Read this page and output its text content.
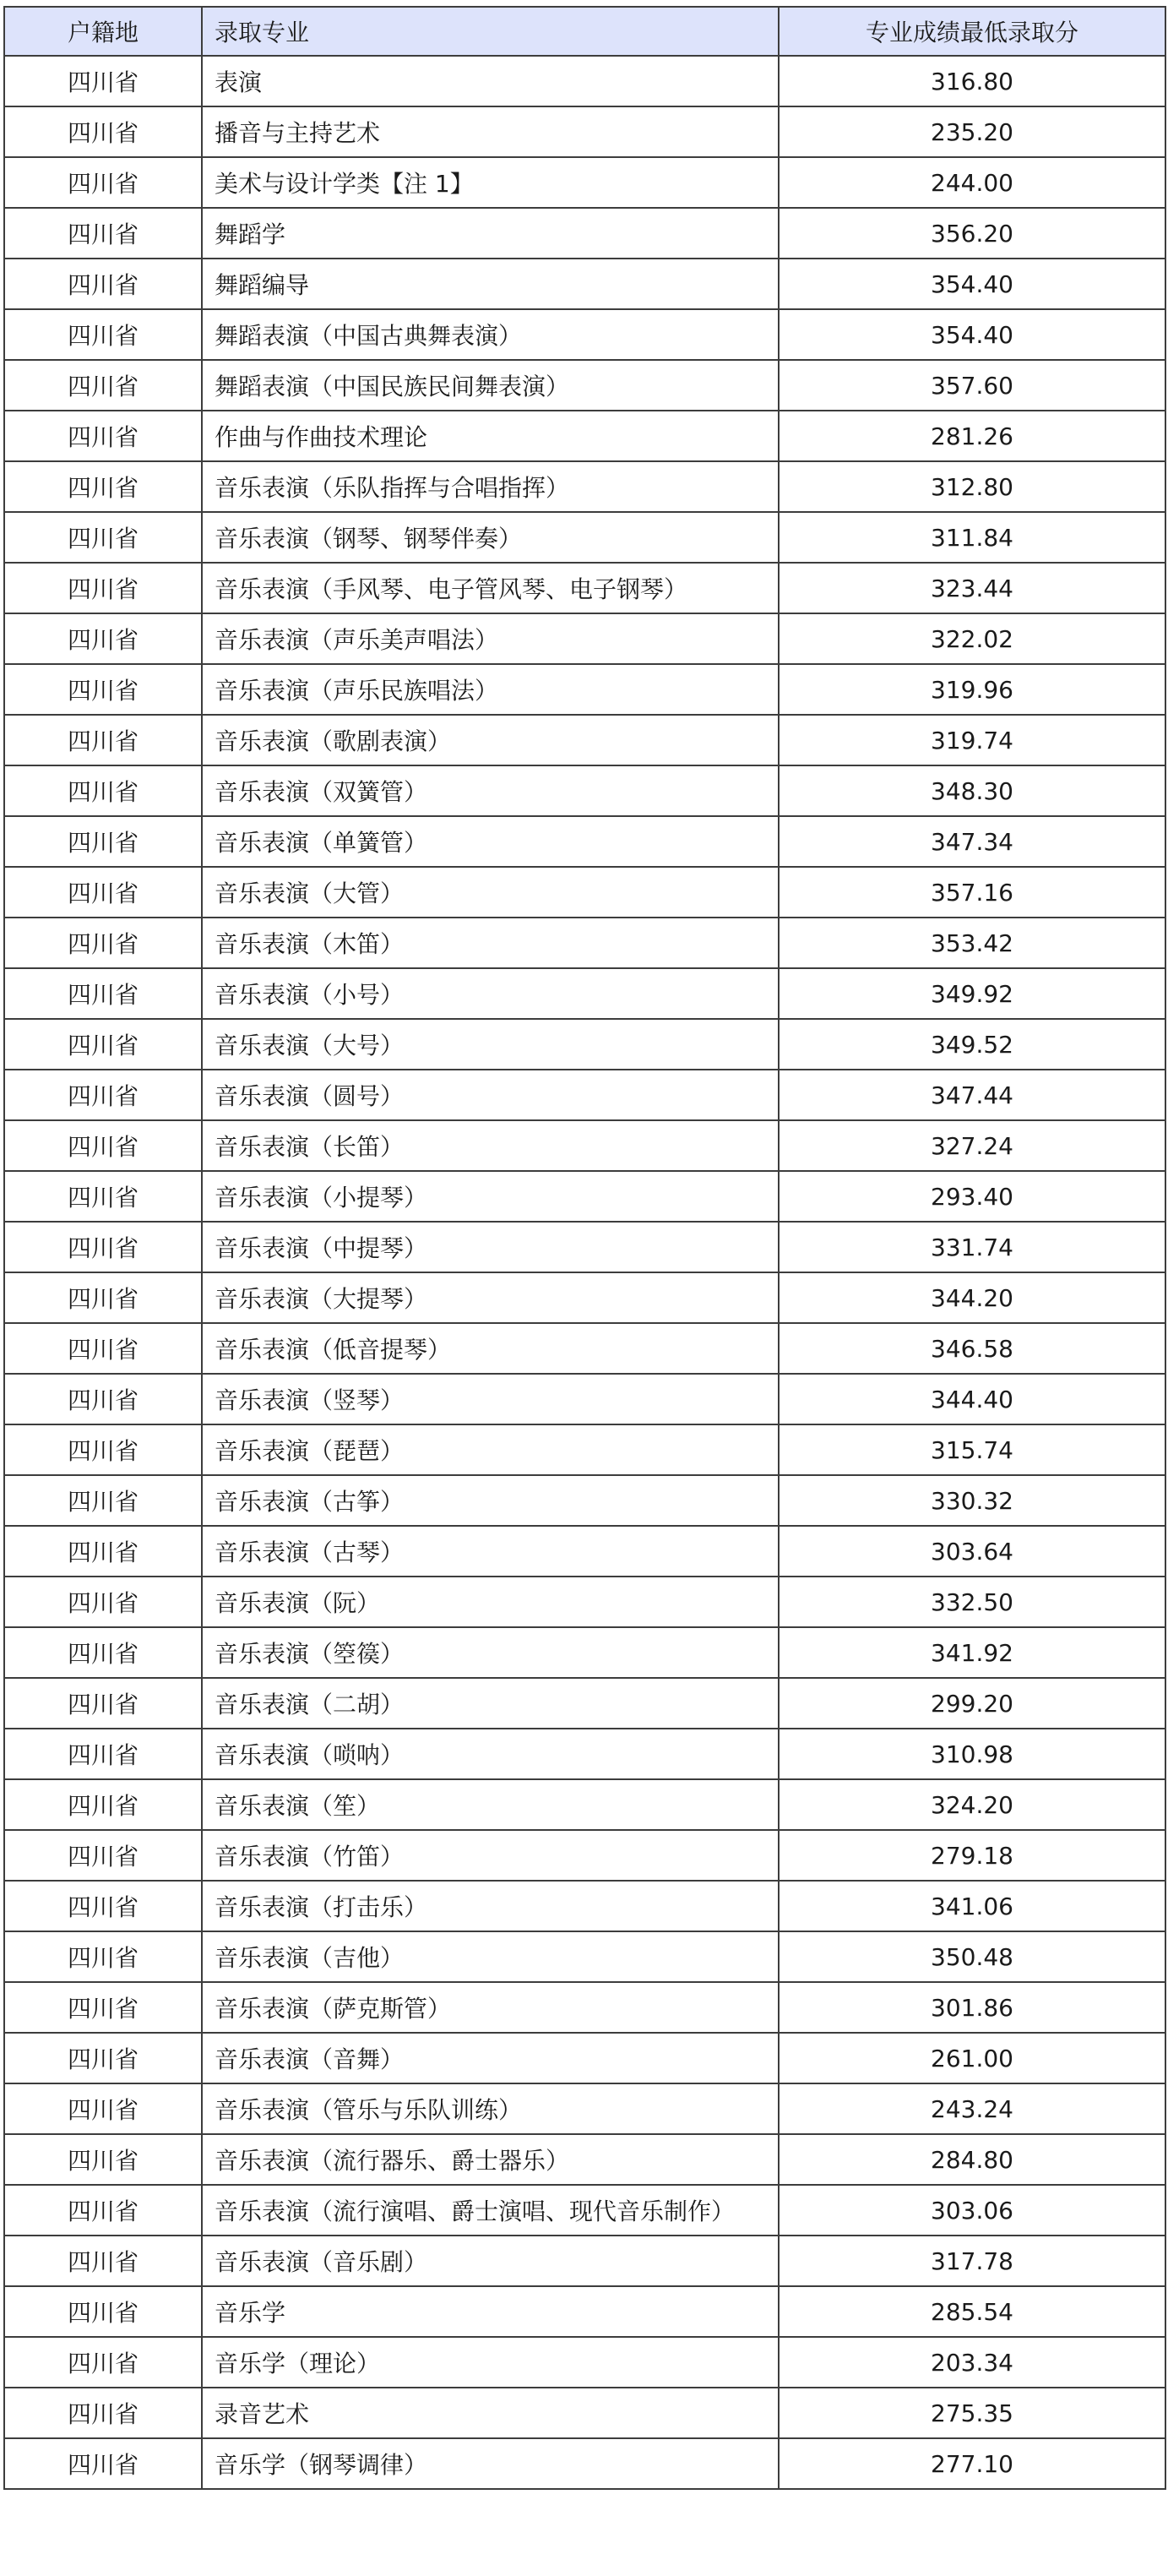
户籍地	录取专业	专业成绩最低录取分
四川省	表演	316.80
四川省	播音与主持艺术	235.20
四川省	美术与设计学类【注 1】	244.00
四川省	舞蹈学	356.20
四川省	舞蹈编导	354.40
四川省	舞蹈表演（中国古典舞表演）	354.40
四川省	舞蹈表演（中国民族民间舞表演）	357.60
四川省	作曲与作曲技术理论	281.26
四川省	音乐表演（乐队指挥与合唱指挥）	312.80
四川省	音乐表演（钢琴、钢琴伴奏）	311.84
四川省	音乐表演（手风琴、电子管风琴、电子钢琴）	323.44
四川省	音乐表演（声乐美声唱法）	322.02
四川省	音乐表演（声乐民族唱法）	319.96
四川省	音乐表演（歌剧表演）	319.74
四川省	音乐表演（双簧管）	348.30
四川省	音乐表演（单簧管）	347.34
四川省	音乐表演（大管）	357.16
四川省	音乐表演（木笛）	353.42
四川省	音乐表演（小号）	349.92
四川省	音乐表演（大号）	349.52
四川省	音乐表演（圆号）	347.44
四川省	音乐表演（长笛）	327.24
四川省	音乐表演（小提琴）	293.40
四川省	音乐表演（中提琴）	331.74
四川省	音乐表演（大提琴）	344.20
四川省	音乐表演（低音提琴）	346.58
四川省	音乐表演（竖琴）	344.40
四川省	音乐表演（琵琶）	315.74
四川省	音乐表演（古筝）	330.32
四川省	音乐表演（古琴）	303.64
四川省	音乐表演（阮）	332.50
四川省	音乐表演（箜篌）	341.92
四川省	音乐表演（二胡）	299.20
四川省	音乐表演（唢呐）	310.98
四川省	音乐表演（笙）	324.20
四川省	音乐表演（竹笛）	279.18
四川省	音乐表演（打击乐）	341.06
四川省	音乐表演（吉他）	350.48
四川省	音乐表演（萨克斯管）	301.86
四川省	音乐表演（音舞）	261.00
四川省	音乐表演（管乐与乐队训练）	243.24
四川省	音乐表演（流行器乐、爵士器乐）	284.80
四川省	音乐表演（流行演唱、爵士演唱、现代音乐制作）	303.06
四川省	音乐表演（音乐剧）	317.78
四川省	音乐学	285.54
四川省	音乐学（理论）	203.34
四川省	录音艺术	275.35
四川省	音乐学（钢琴调律）	277.10
